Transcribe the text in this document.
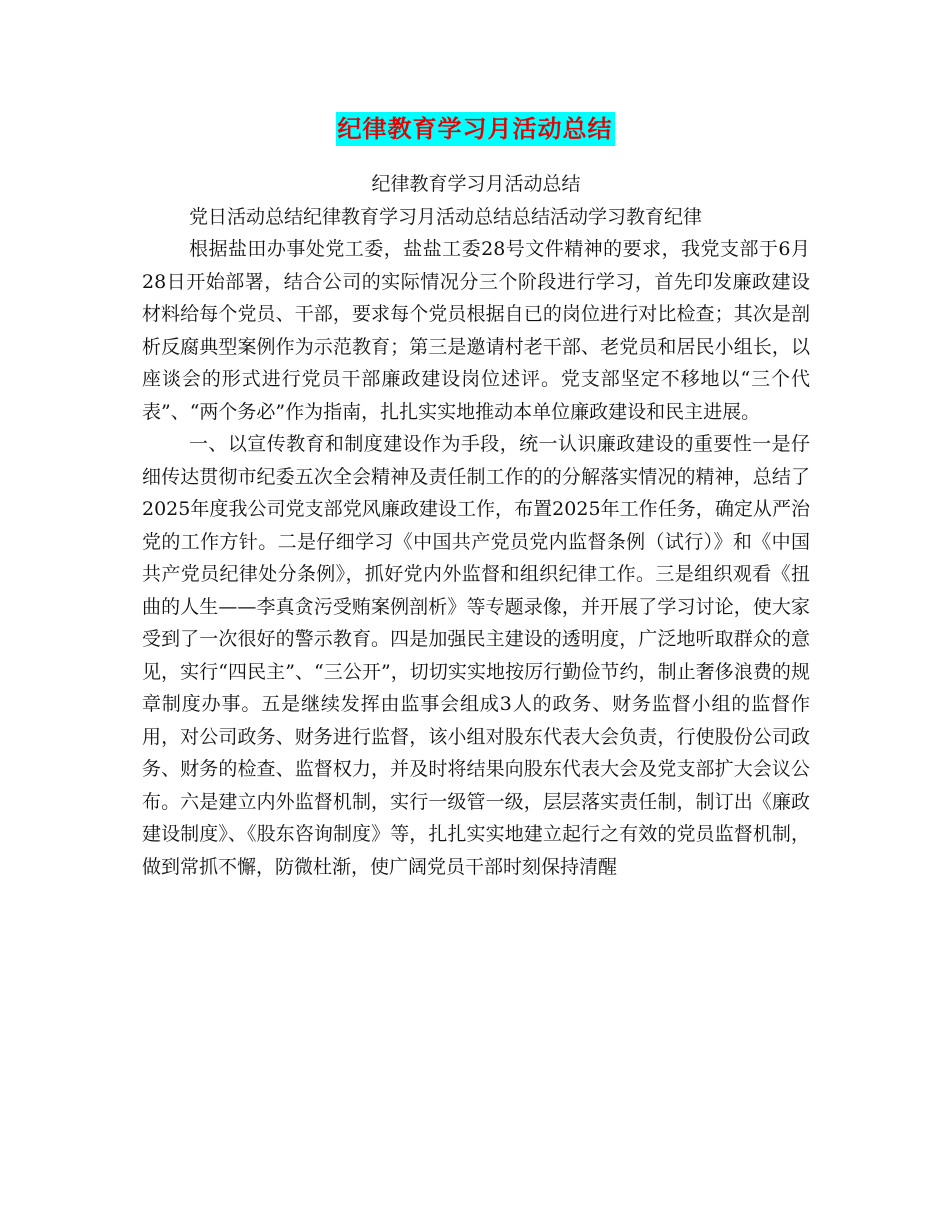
纪律教育学习月活动总结

纪律教育学习月活动总结

党日活动总结纪律教育学习月活动总结总结活动学习教育纪律

根据盐田办事处党工委，盐盐工委28号文件精神的要求，我党支部于6月28日开始部署，结合公司的实际情况分三个阶段进行学习，首先印发廉政建设材料给每个党员、干部，要求每个党员根据自已的岗位进行对比检查；其次是剖析反腐典型案例作为示范教育；第三是邀请村老干部、老党员和居民小组长，以座谈会的形式进行党员干部廉政建设岗位述评。党支部坚定不移地以“三个代表”、“两个务必”作为指南，扎扎实实地推动本单位廉政建设和民主进展。

一、以宣传教育和制度建设作为手段，统一认识廉政建设的重要性一是仔细传达贯彻市纪委五次全会精神及责任制工作的的分解落实情况的精神，总结了2025年度我公司党支部党风廉政建设工作，布置2025年工作任务，确定从严治党的工作方针。二是仔细学习《中国共产党员党内监督条例（试行）》和《中国共产党员纪律处分条例》，抓好党内外监督和组织纪律工作。三是组织观看《扭曲的人生——李真贪污受贿案例剖析》等专题录像，并开展了学习讨论，使大家受到了一次很好的警示教育。四是加强民主建设的透明度，广泛地听取群众的意见，实行“四民主”、“三公开”，切切实实地按厉行勤俭节约，制止奢侈浪费的规章制度办事。五是继续发挥由监事会组成3人的政务、财务监督小组的监督作用，对公司政务、财务进行监督，该小组对股东代表大会负责，行使股份公司政务、财务的检查、监督权力，并及时将结果向股东代表大会及党支部扩大会议公布。六是建立内外监督机制，实行一级管一级，层层落实责任制，制订出《廉政建设制度》、《股东咨询制度》等，扎扎实实地建立起行之有效的党员监督机制，做到常抓不懈，防微杜渐，使广阔党员干部时刻保持清醒
